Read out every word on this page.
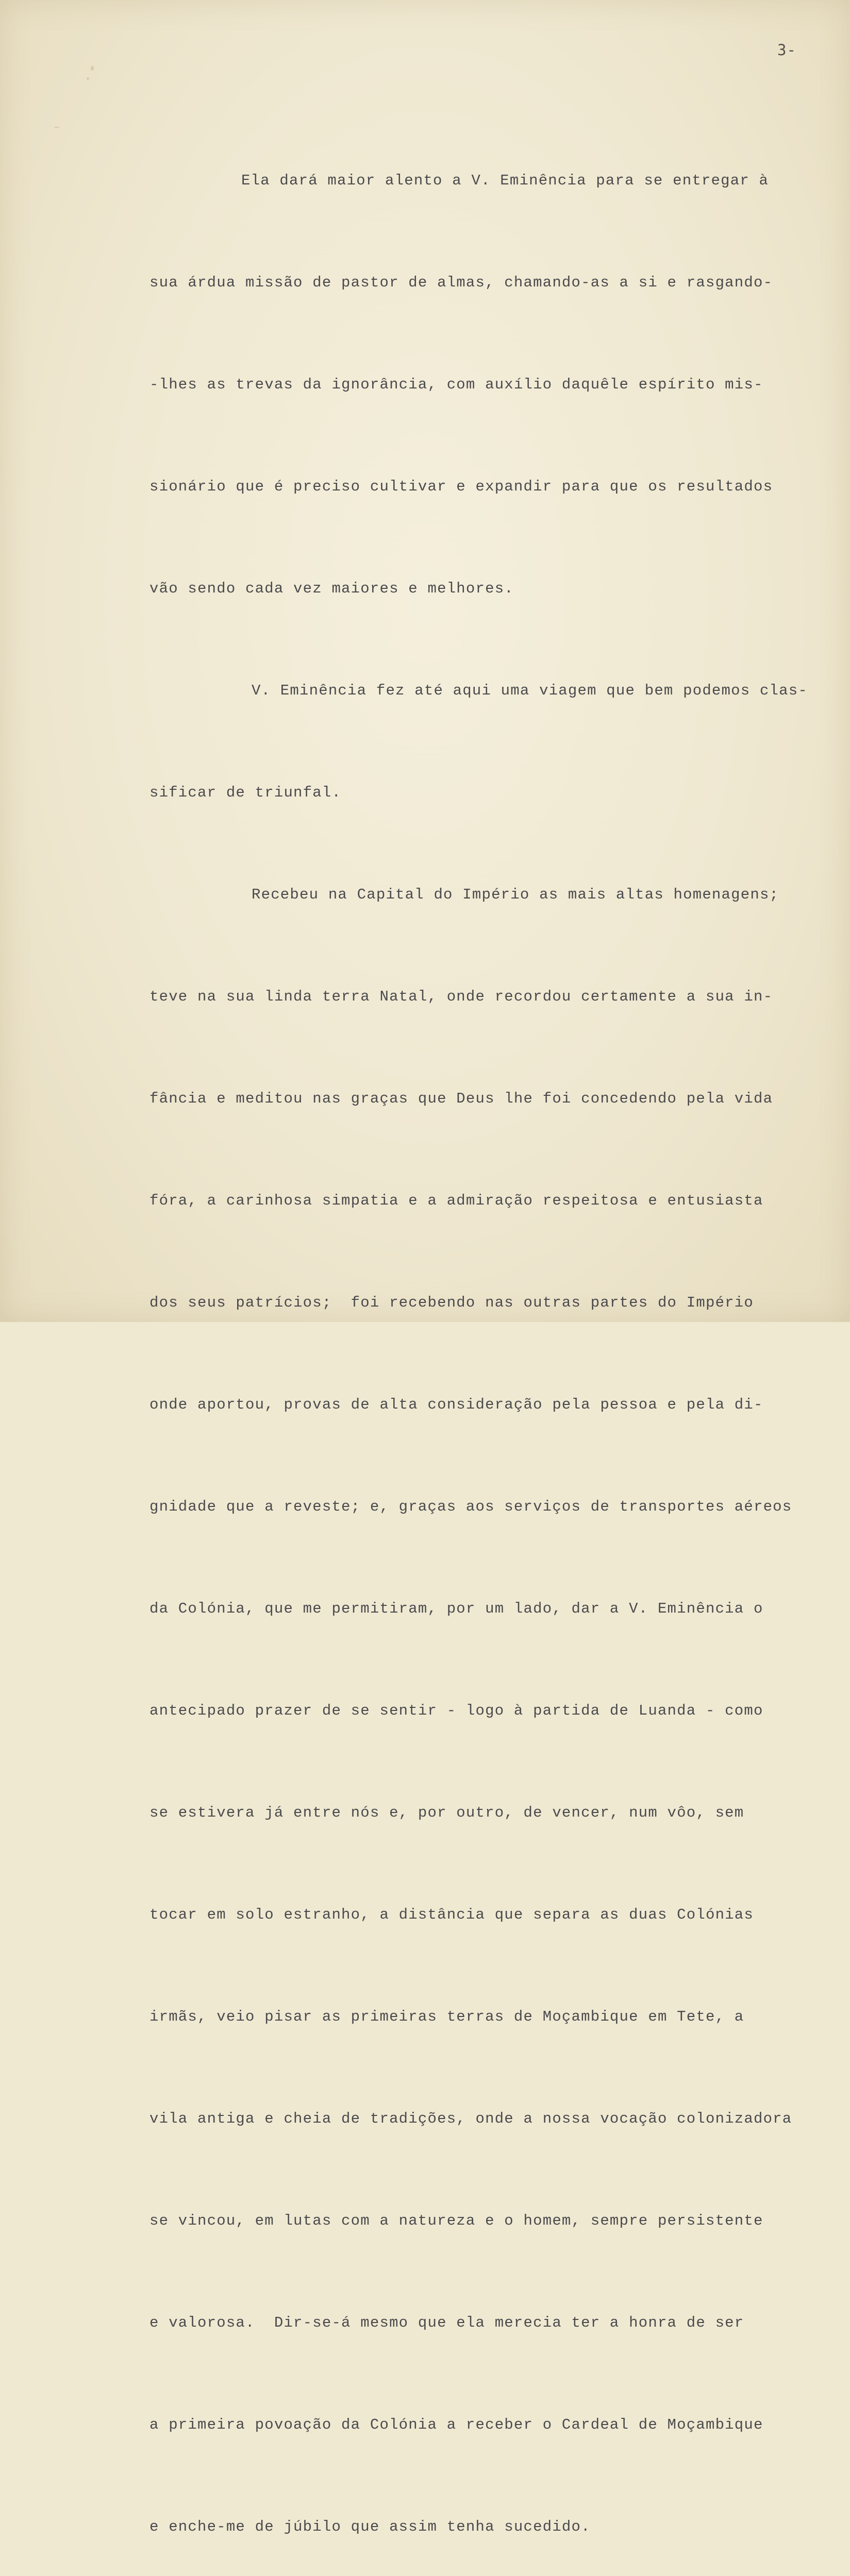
3-

Ela dará maior alento a V. Eminência para se entregar à

sua árdua missão de pastor de almas, chamando-as a si e rasgando-

-lhes as trevas da ignorância, com auxílio daquêle espírito mis-

sionário que é preciso cultivar e expandir para que os resultados

vão sendo cada vez maiores e melhores.

V. Eminência fez até aqui uma viagem que bem podemos clas-

sificar de triunfal.

Recebeu na Capital do Império as mais altas homenagens;

teve na sua linda terra Natal, onde recordou certamente a sua in-

fância e meditou nas graças que Deus lhe foi concedendo pela vida

fóra, a carinhosa simpatia e a admiração respeitosa e entusiasta

dos seus patrícios;  foi recebendo nas outras partes do Império

onde aportou, provas de alta consideração pela pessoa e pela di-

gnidade que a reveste; e, graças aos serviços de transportes aéreos

da Colónia, que me permitiram, por um lado, dar a V. Eminência o

antecipado prazer de se sentir - logo à partida de Luanda - como

se estivera já entre nós e, por outro, de vencer, num vôo, sem

tocar em solo estranho, a distância que separa as duas Colónias

irmãs, veio pisar as primeiras terras de Moçambique em Tete, a

vila antiga e cheia de tradições, onde a nossa vocação colonizadora

se vincou, em lutas com a natureza e o homem, sempre persistente

e valorosa.  Dir-se-á mesmo que ela merecia ter a honra de ser

a primeira povoação da Colónia a receber o Cardeal de Moçambique

e enche-me de júbilo que assim tenha sucedido.
